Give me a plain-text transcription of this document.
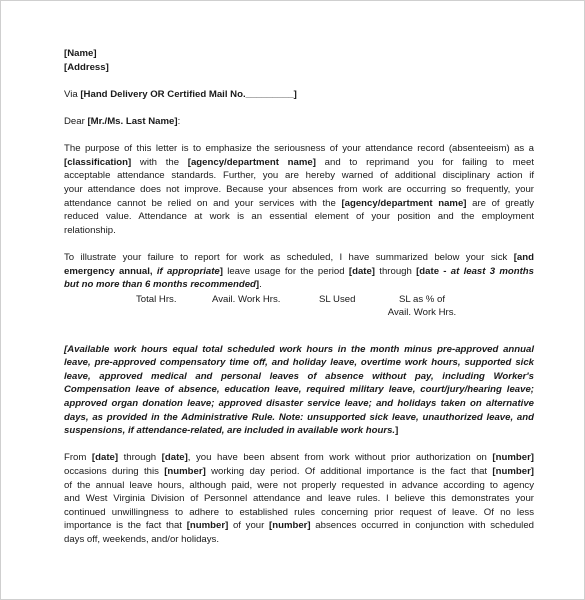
[Name]

[Address]

Via [Hand Delivery OR Certified Mail No._________]

Dear [Mr./Ms. Last Name]:

The purpose of this letter is to emphasize the seriousness of your attendance record (absenteeism) as a

[classification] with the [agency/department name] and to reprimand you for failing to meet

acceptable attendance standards. Further, you are hereby warned of additional disciplinary action if

your attendance does not improve. Because your absences from work are occurring so frequently, your

attendance cannot be relied on and your services with the [agency/department name] are of greatly

reduced value. Attendance at work is an essential element of your position and the employment

relationship.

To illustrate your failure to report for work as scheduled, I have summarized below your sick [and

emergency annual, if appropriate] leave usage for the period [date] through [date - at least 3 months

but no more than 6 months recommended].

Total Hrs.	Avail. Work Hrs.	SL Used	SL as % of
Avail. Work Hrs.

[Available work hours equal total scheduled work hours in the month minus pre-approved annual

leave, pre-approved compensatory time off, and holiday leave, overtime work hours, supported sick

leave, approved medical and personal leaves of absence without pay, including Worker's

Compensation leave of absence, education leave, required military leave, court/jury/hearing leave;

approved organ donation leave; approved disaster service leave; and holidays taken on alternative

days, as provided in the Administrative Rule. Note: unsupported sick leave, unauthorized leave, and

suspensions, if attendance-related, are included in available work hours.]

From [date] through [date], you have been absent from work without prior authorization on [number]

occasions during this [number] working day period. Of additional importance is the fact that [number]

of the annual leave hours, although paid, were not properly requested in advance according to agency

and West Virginia Division of Personnel attendance and leave rules. I believe this demonstrates your

continued unwillingness to adhere to established rules concerning prior request of leave. Of no less

importance is the fact that [number] of your [number] absences occurred in conjunction with scheduled

days off, weekends, and/or holidays.
